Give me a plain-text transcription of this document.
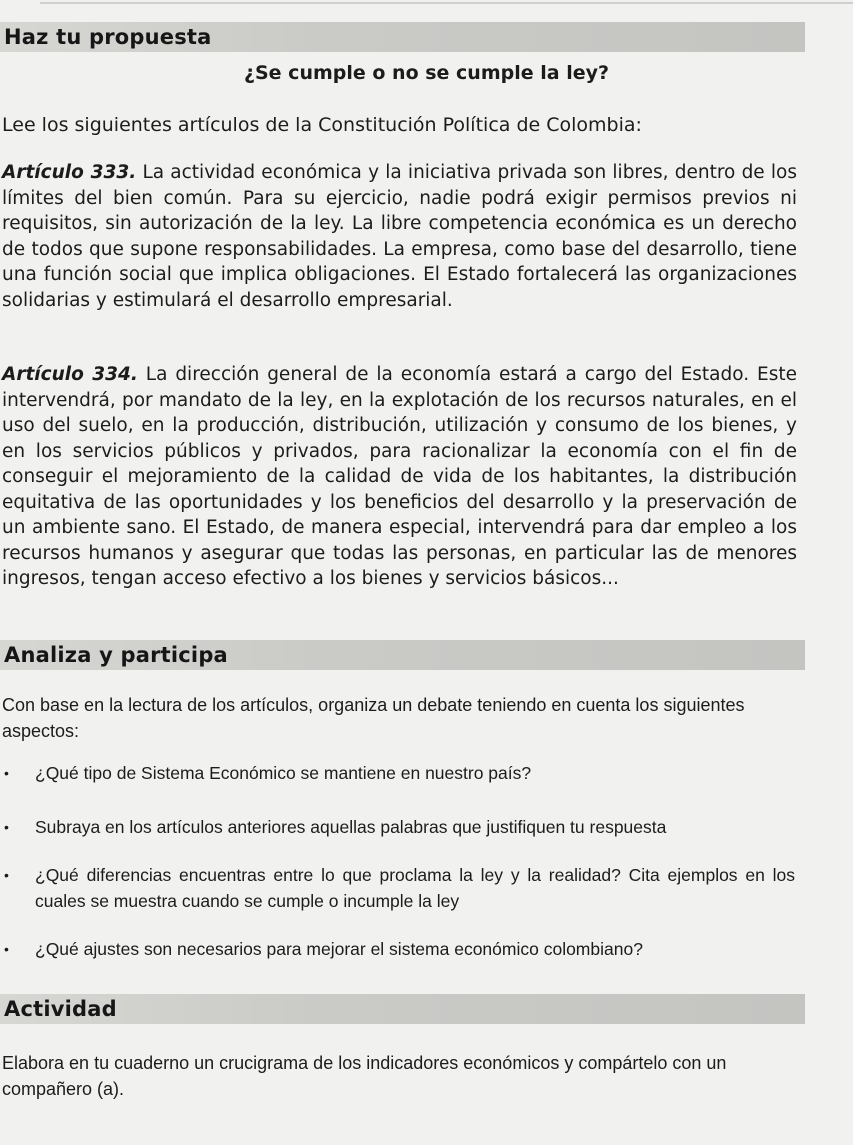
Haz tu propuesta
¿Se cumple o no se cumple la ley?
Lee los siguientes artículos de la Constitución Política de Colombia:
Artículo 333. La actividad económica y la iniciativa privada son libres, dentro de los límites del bien común. Para su ejercicio, nadie podrá exigir permisos previos ni requisitos, sin autorización de la ley. La libre competencia económica es un derecho de todos que supone responsabilidades. La empresa, como base del desarrollo, tiene una función social que implica obligaciones. El Estado fortalecerá las organizaciones solidarias y estimulará el desarrollo empresarial.
Artículo 334. La dirección general de la economía estará a cargo del Estado. Este intervendrá, por mandato de la ley, en la explotación de los recursos naturales, en el uso del suelo, en la producción, distribución, utilización y consumo de los bienes, y en los servicios públicos y privados, para racionalizar la economía con el fin de conseguir el mejoramiento de la calidad de vida de los habitantes, la distribución equitativa de las oportunidades y los beneficios del desarrollo y la preservación de un ambiente sano. El Estado, de manera especial, intervendrá para dar empleo a los recursos humanos y asegurar que todas las personas, en particular las de menores ingresos, tengan acceso efectivo a los bienes y servicios básicos...
Analiza y participa
Con base en la lectura de los artículos, organiza un debate teniendo en cuenta los siguientes aspectos:
• ¿Qué tipo de Sistema Económico se mantiene en nuestro país?
• Subraya en los artículos anteriores aquellas palabras que justifiquen tu respuesta
• ¿Qué diferencias encuentras entre lo que proclama la ley y la realidad? Cita ejemplos en los cuales se muestra cuando se cumple o incumple la ley
• ¿Qué ajustes son necesarios para mejorar el sistema económico colombiano?
Actividad
Elabora en tu cuaderno un crucigrama de los indicadores económicos y compártelo con un compañero (a).
